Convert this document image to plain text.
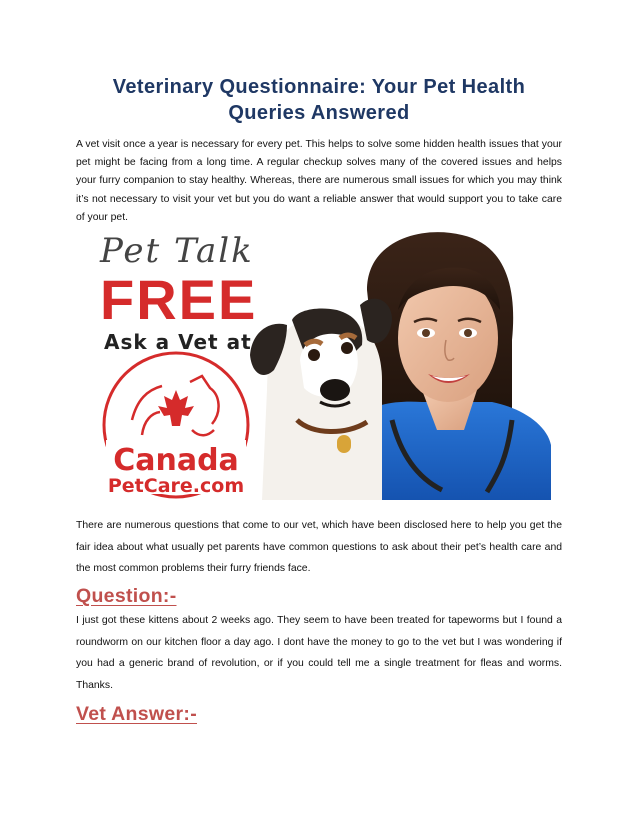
Veterinary Questionnaire: Your Pet Health Queries Answered

A vet visit once a year is necessary for every pet. This helps to solve some hidden health issues that your pet might be facing from a long time. A regular checkup solves many of the covered issues and helps your furry companion to stay healthy. Whereas, there are numerous small issues for which you may think it’s not necessary to visit your vet but you do want a reliable answer that would support you to take care of your pet.

Pet Talk
FREE
Ask a Vet at
Canada
PetCare.com

There are numerous questions that come to our vet, which have been disclosed here to help you get the fair idea about what usually pet parents have common questions to ask about their pet’s health care and the most common problems their furry friends face.

Question:-

I just got these kittens about 2 weeks ago. They seem to have been treated for tapeworms but I found a roundworm on our kitchen floor a day ago. I dont have the money to go to the vet but I was wondering if you had a generic brand of revolution, or if you could tell me a single treatment for fleas and worms. Thanks.

Vet Answer:-
